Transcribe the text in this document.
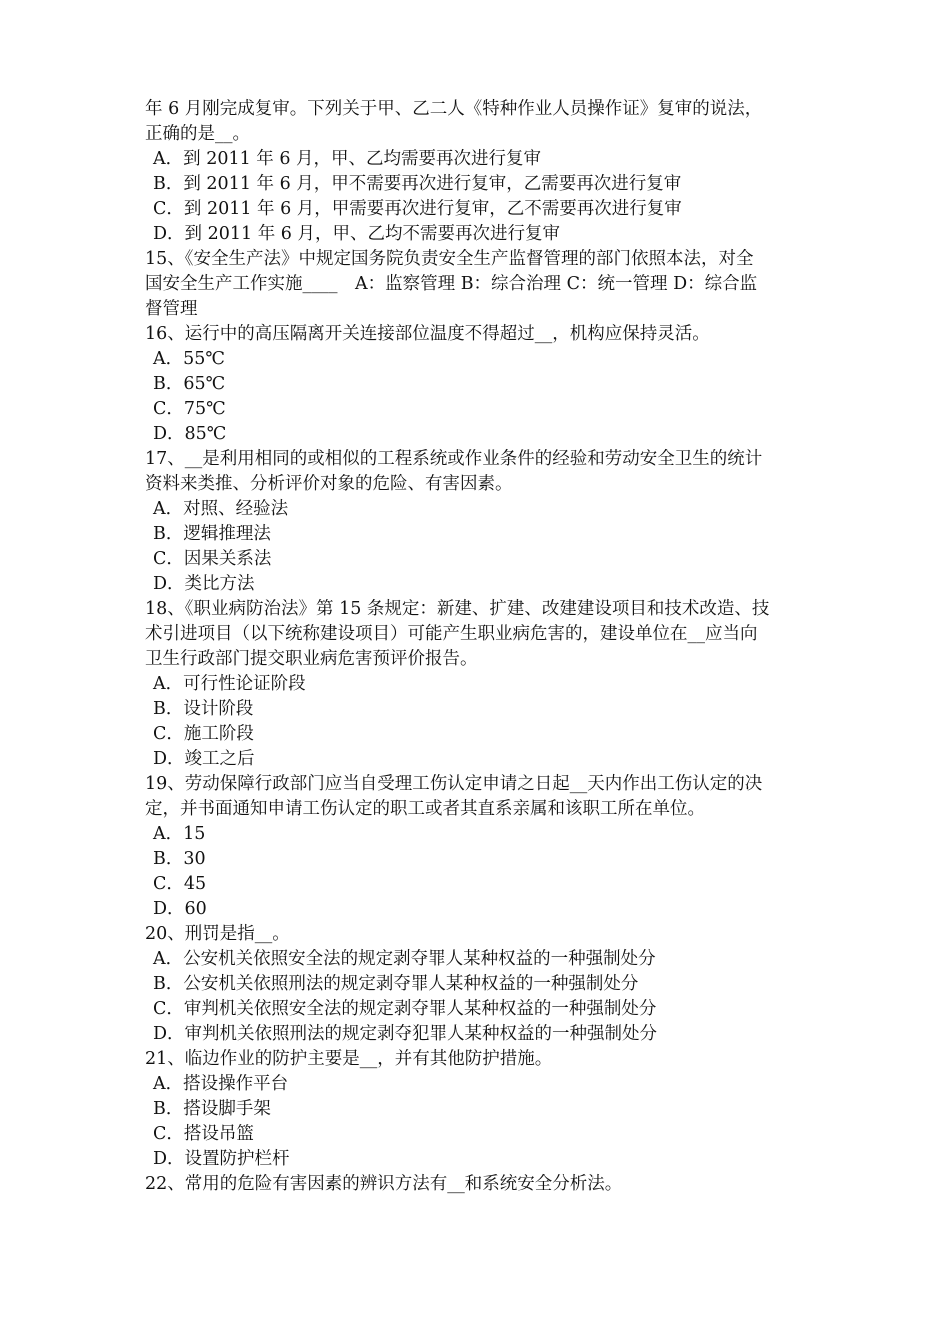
年 6 月刚完成复审。下列关于甲、乙二人《特种作业人员操作证》复审的说法，
正确的是__。
A．到 2011 年 6 月，甲、乙均需要再次进行复审
B．到 2011 年 6 月，甲不需要再次进行复审，乙需要再次进行复审
C．到 2011 年 6 月，甲需要再次进行复审，乙不需要再次进行复审
D．到 2011 年 6 月，甲、乙均不需要再次进行复审
15、《安全生产法》中规定国务院负责安全生产监督管理的部门依照本法，对全
国安全生产工作实施____　A：监察管理 B：综合治理 C：统一管理 D：综合监
督管理
16、运行中的高压隔离开关连接部位温度不得超过__，机构应保持灵活。
A．55℃
B．65℃
C．75℃
D．85℃
17、__是利用相同的或相似的工程系统或作业条件的经验和劳动安全卫生的统计
资料来类推、分析评价对象的危险、有害因素。
A．对照、经验法
B．逻辑推理法
C．因果关系法
D．类比方法
18、《职业病防治法》第 15 条规定：新建、扩建、改建建设项目和技术改造、技
术引进项目（以下统称建设项目）可能产生职业病危害的，建设单位在__应当向
卫生行政部门提交职业病危害预评价报告。
A．可行性论证阶段
B．设计阶段
C．施工阶段
D．竣工之后
19、劳动保障行政部门应当自受理工伤认定申请之日起__天内作出工伤认定的决
定，并书面通知申请工伤认定的职工或者其直系亲属和该职工所在单位。
A．15
B．30
C．45
D．60
20、刑罚是指__。
A．公安机关依照安全法的规定剥夺罪人某种权益的一种强制处分
B．公安机关依照刑法的规定剥夺罪人某种权益的一种强制处分
C．审判机关依照安全法的规定剥夺罪人某种权益的一种强制处分
D．审判机关依照刑法的规定剥夺犯罪人某种权益的一种强制处分
21、临边作业的防护主要是__，并有其他防护措施。
A．搭设操作平台
B．搭设脚手架
C．搭设吊篮
D．设置防护栏杆
22、常用的危险有害因素的辨识方法有__和系统安全分析法。
